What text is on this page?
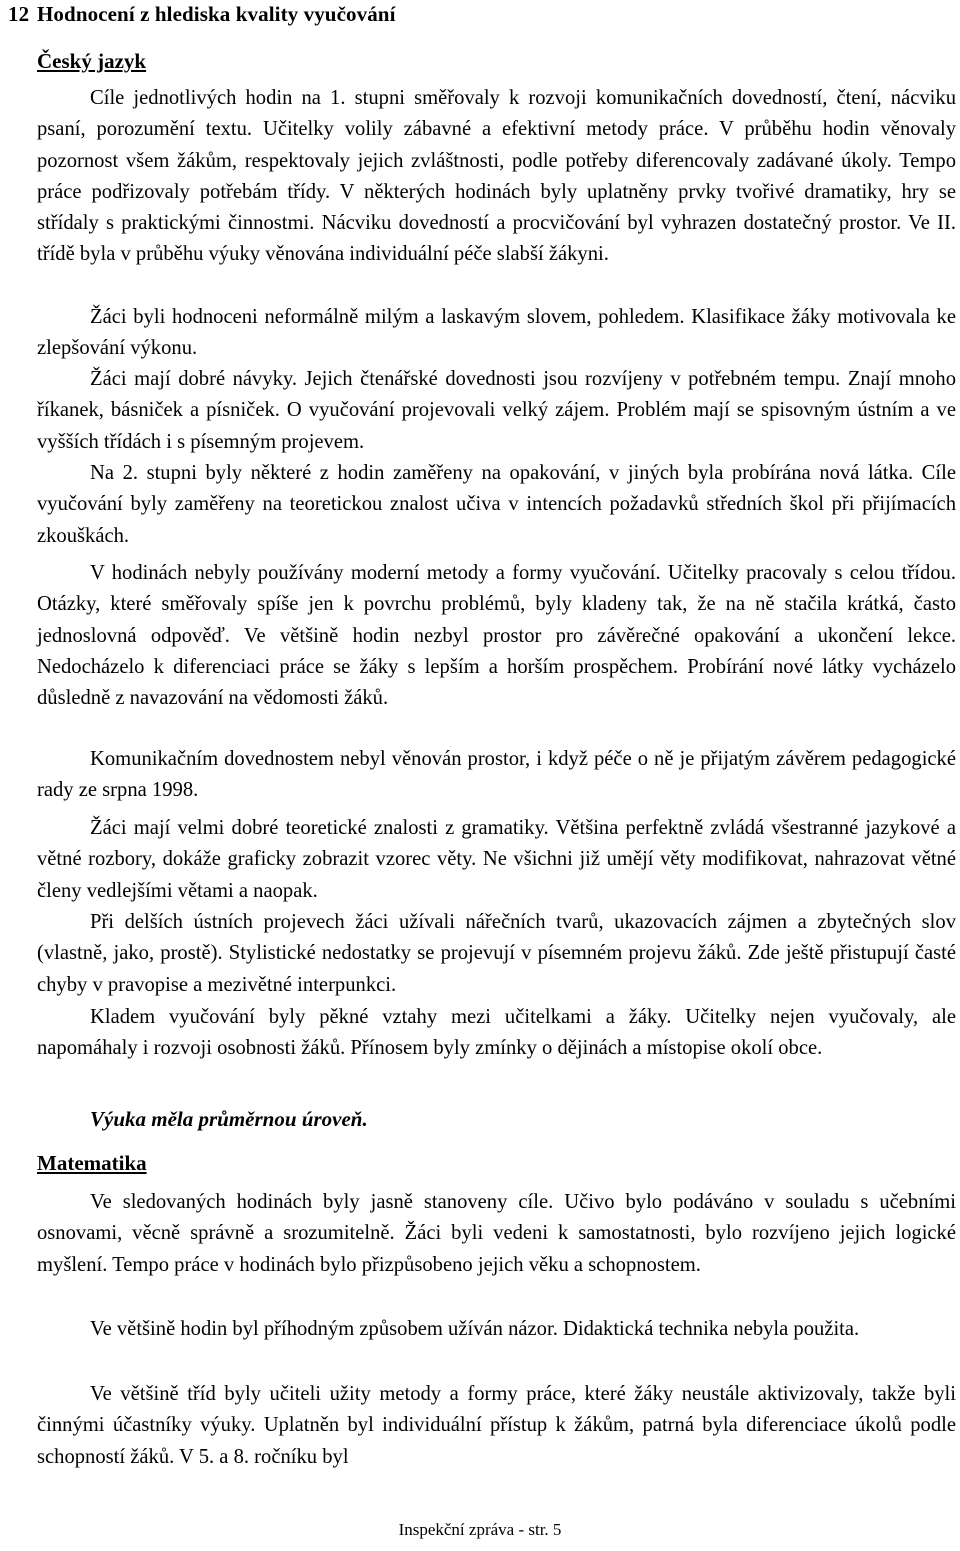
12 Hodnocení z hlediska kvality vyučování
Český jazyk

Cíle jednotlivých hodin na 1. stupni směřovaly k rozvoji komunikačních dovedností, čtení, nácviku psaní, porozumění textu. Učitelky volily zábavné a efektivní metody práce. V průběhu hodin věnovaly pozornost všem žákům, respektovaly jejich zvláštnosti, podle potřeby diferencovaly zadávané úkoly. Tempo práce podřizovaly potřebám třídy. V některých hodinách byly uplatněny prvky tvořivé dramatiky, hry se střídaly s praktickými činnostmi. Nácviku dovedností a procvičování byl vyhrazen dostatečný prostor. Ve II. třídě byla v průběhu výuky věnována individuální péče slabší žákyni.

Žáci byli hodnoceni neformálně milým a laskavým slovem, pohledem. Klasifikace žáky motivovala ke zlepšování výkonu.

Žáci mají dobré návyky. Jejich čtenářské dovednosti jsou rozvíjeny v potřebném tempu. Znají mnoho říkanek, básniček a písniček. O vyučování projevovali velký zájem. Problém mají se spisovným ústním a ve vyšších třídách i s písemným projevem.

Na 2. stupni byly některé z hodin zaměřeny na opakování, v jiných byla probírána nová látka. Cíle vyučování byly zaměřeny na teoretickou znalost učiva v intencích požadavků středních škol při přijímacích zkouškách.

V hodinách nebyly používány moderní metody a formy vyučování. Učitelky pracovaly s celou třídou. Otázky, které směřovaly spíše jen k povrchu problémů, byly kladeny tak, že na ně stačila krátká, často jednoslovná odpověď. Ve většině hodin nezbyl prostor pro závěrečné opakování a ukončení lekce. Nedocházelo k diferenciaci práce se žáky s lepším a horším prospěchem. Probírání nové látky vycházelo důsledně z navazování na vědomosti žáků.

Komunikačním dovednostem nebyl věnován prostor, i když péče o ně je přijatým závěrem pedagogické rady ze srpna 1998.

Žáci mají velmi dobré teoretické znalosti z gramatiky. Většina perfektně zvládá všestranné jazykové a větné rozbory, dokáže graficky zobrazit vzorec věty. Ne všichni již umějí věty modifikovat, nahrazovat větné členy vedlejšími větami a naopak.

Při delších ústních projevech žáci užívali nářečních tvarů, ukazovacích zájmen a zbytečných slov (vlastně, jako, prostě). Stylistické nedostatky se projevují v písemném projevu žáků. Zde ještě přistupují časté chyby v pravopise a mezivětné interpunkci.

Kladem vyučování byly pěkné vztahy mezi učitelkami a žáky. Učitelky nejen vyučovaly, ale napomáhaly i rozvoji osobnosti žáků. Přínosem byly zmínky o dějinách a místopise okolí obce.

Výuka měla průměrnou úroveň.
Matematika

Ve sledovaných hodinách byly jasně stanoveny cíle. Učivo bylo podáváno v souladu s učebními osnovami, věcně správně a srozumitelně. Žáci byli vedeni k samostatnosti, bylo rozvíjeno jejich logické myšlení. Tempo práce v hodinách bylo přizpůsobeno jejich věku a schopnostem.

Ve většině hodin byl příhodným způsobem užíván názor. Didaktická technika nebyla použita.

Ve většině tříd byly učiteli užity metody a formy práce, které žáky neustále aktivizovaly, takže byli činnými účastníky výuky. Uplatněn byl individuální přístup k žákům, patrná byla diferenciace úkolů podle schopností žáků. V 5. a 8. ročníku byl

Inspekční zpráva - str. 5
